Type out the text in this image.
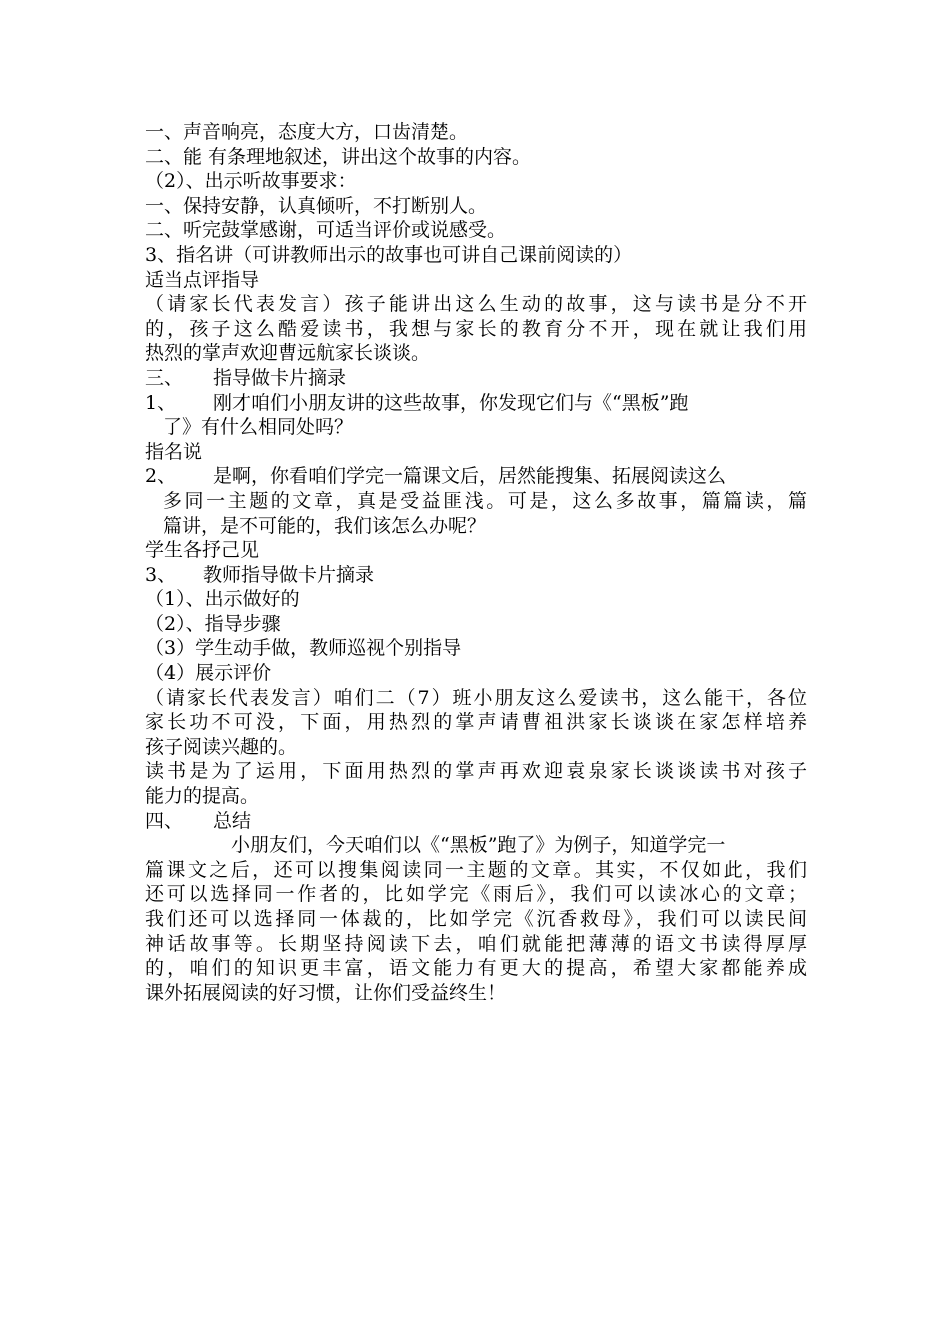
一、声音响亮，态度大方，口齿清楚。
二、能 有条理地叙述，讲出这个故事的内容。
（2）、出示听故事要求：
一、保持安静，认真倾听，不打断别人。
二、听完鼓掌感谢，可适当评价或说感受。
3、指名讲（可讲教师出示的故事也可讲自己课前阅读的）
适当点评指导
（请家长代表发言）孩子能讲出这么生动的故事，这与读书是分不开
的，孩子这么酷爱读书，我想与家长的教育分不开，现在就让我们用
热烈的掌声欢迎曹远航家长谈谈。
三、 指导做卡片摘录
1、 刚才咱们小朋友讲的这些故事，你发现它们与《“黑板”跑
了》有什么相同处吗？
指名说
2、 是啊，你看咱们学完一篇课文后，居然能搜集、拓展阅读这么
多同一主题的文章，真是受益匪浅。可是，这么多故事，篇篇读，篇
篇讲，是不可能的，我们该怎么办呢？
学生各抒己见
3、 教师指导做卡片摘录
（1）、出示做好的
（2）、指导步骤
（3）学生动手做，教师巡视个别指导
（4）展示评价
（请家长代表发言）咱们二（7）班小朋友这么爱读书，这么能干，各位
家长功不可没，下面，用热烈的掌声请曹祖洪家长谈谈在家怎样培养
孩子阅读兴趣的。
读书是为了运用，下面用热烈的掌声再欢迎袁泉家长谈谈读书对孩子
能力的提高。
四、 总结
小朋友们，今天咱们以《“黑板”跑了》为例子，知道学完一
篇课文之后，还可以搜集阅读同一主题的文章。其实，不仅如此，我们
还可以选择同一作者的，比如学完《雨后》，我们可以读冰心的文章；
我们还可以选择同一体裁的，比如学完《沉香救母》，我们可以读民间
神话故事等。长期坚持阅读下去，咱们就能把薄薄的语文书读得厚厚
的，咱们的知识更丰富，语文能力有更大的提高，希望大家都能养成
课外拓展阅读的好习惯，让你们受益终生！
